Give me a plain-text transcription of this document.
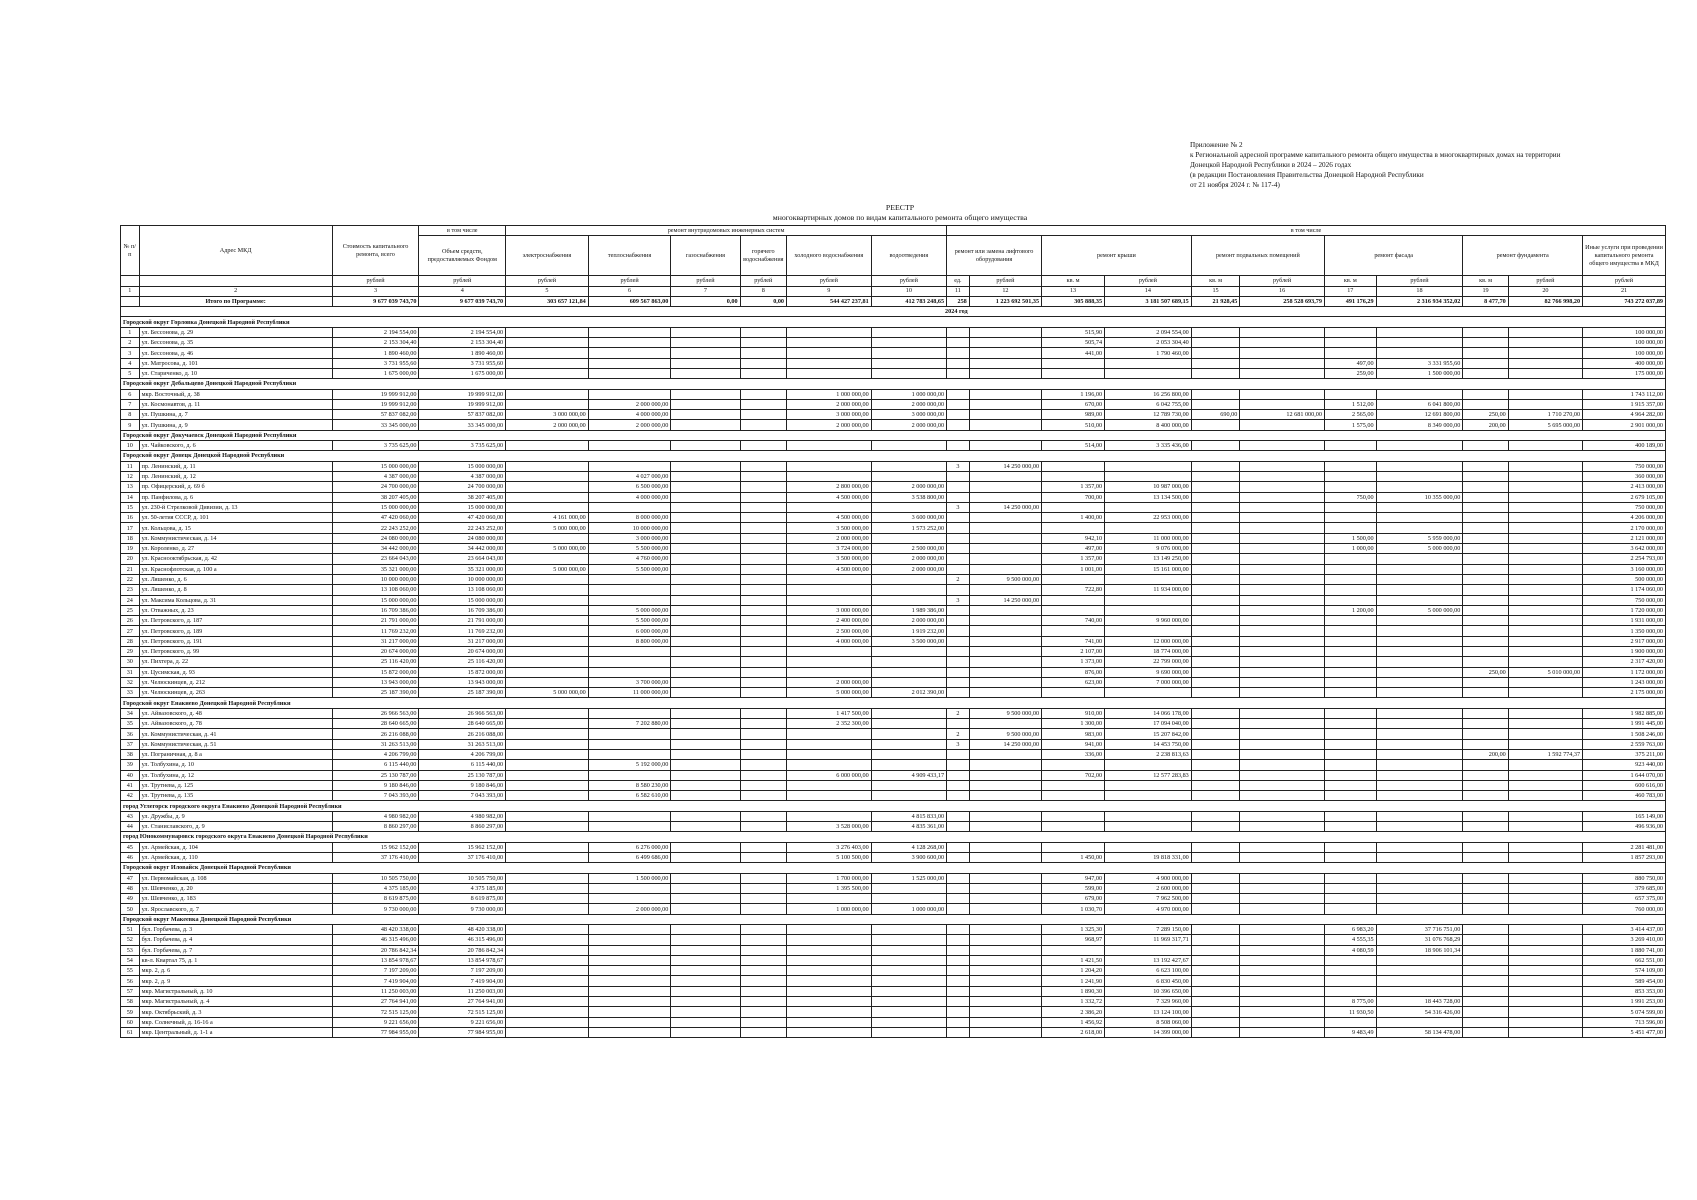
Приложение № 2
к Региональной адресной программе капитального ремонта общего имущества в многоквартирных домах на территории
Донецкой Народной Республики в 2024 – 2026 годах
(в редакции Постановления Правительства Донецкой Народной Республики
от 21 ноября 2024 г. № 117-4)
РЕЕСТР
многоквартирных домов по видам капитального ремонта общего имущества
№ п/п	Адрес МКД	Стоимость капитального ремонта, всего	в том числе	ремонт внутридомовых инженерных систем						в том числе										
			Объем средств, предоставляемых Фондом	электроснабжения	теплоснабжения	газоснабжения	горячего водоснабжения	холодного водоснабжения	водоотведения	ремонт или замена лифтового оборудования		ремонт крыши		ремонт подвальных помещений		ремонт фасада		ремонт фундамента		Иные услуги при проведении капитального ремонта общего имущества в МКД

		рублей	рублей	рублей	рублей	рублей	рублей	рублей	рублей	ед.	рублей	кв. м	рублей	кв. м	рублей	кв. м	рублей	кв. м	рублей	рублей
1	2	3	4	5	6	7	8	9	10	11	12	13	14	15	16	17	18	19	20	21
	Итого по Программе:	9 677 039 743,70	9 677 039 743,70	303 657 121,84	609 567 863,00	0,00	0,00	544 427 237,81	412 783 248,65	258	1 223 692 501,35	305 888,35	3 181 507 689,15	21 928,45	258 528 693,79	491 176,29	2 316 934 352,02	8 477,70	82 766 998,20	743 272 037,89
									2024 год											
Городской округ Горловка Донецкой Народной Республики																				
1	ул. Бессонова, д. 29	2 194 554,00	2 194 554,00									515,90	2 094 554,00							100 000,00
2	ул. Бессонова, д. 35	2 153 304,40	2 153 304,40									505,74	2 053 304,40							100 000,00
3	ул. Бессонова, д. 46	1 890 460,00	1 890 460,00									441,00	1 790 460,00							100 000,00
4	ул. Матросова, д. 101	3 731 955,60	3 731 955,60													497,00	3 331 955,60			400 000,00
5	ул. Стариченко, д. 10	1 675 000,00	1 675 000,00													259,00	1 500 000,00			175 000,00
Городской округ Дебальцево Донецкой Народной Республики																				
6	мкр. Восточный, д. 38	19 999 912,00	19 999 912,00					1 000 000,00	1 000 000,00			1 196,00	16 256 800,00							1 743 112,00
7	ул. Космонавтов, д. 11	19 999 912,00	19 999 912,00		2 000 000,00			2 000 000,00	2 000 000,00			670,00	6 042 755,00			1 512,00	6 041 800,00			1 915 357,00
8	ул. Пушкина, д. 7	57 837 082,00	57 837 082,00	3 000 000,00	4 000 000,00			3 000 000,00	3 000 000,00			989,00	12 789 730,00	690,00	12 681 000,00	2 565,00	12 691 800,00	250,00	1 710 270,00	4 964 282,00
9	ул. Пушкина, д. 9	33 345 000,00	33 345 000,00	2 000 000,00	2 000 000,00			2 000 000,00	2 000 000,00			510,00	8 400 000,00			1 575,00	8 349 000,00	200,00	5 695 000,00	2 901 000,00
Городской округ Докучаевск Донецкой Народной Республики																				
10	ул. Чайковского, д. 6	3 735 625,00	3 735 625,00									514,00	3 335 436,00							400 189,00
Городской округ Донецк Донецкой Народной Республики																				
11	пр. Ленинский, д. 11	15 000 000,00	15 000 000,00							3	14 250 000,00									750 000,00
12	пр. Ленинский, д. 12	4 387 000,00	4 387 000,00		4 027 000,00															360 000,00
13	пр. Офицерский, д. 69 б	24 700 000,00	24 700 000,00		6 500 000,00			2 800 000,00	2 000 000,00			1 357,00	10 987 000,00							2 413 000,00
14	пр. Панфилова, д. 6	38 207 405,00	38 207 405,00		4 000 000,00			4 500 000,00	3 538 800,00			700,00	13 134 500,00			750,00	10 355 000,00			2 679 105,00
15	ул. 230-й Стрелковой Дивизии, д. 13	15 000 000,00	15 000 000,00							3	14 250 000,00									750 000,00
16	ул. 50-летия СССР, д. 101	47 420 060,00	47 420 060,00	4 161 000,00	8 000 000,00			4 500 000,00	3 600 000,00			1 400,00	22 953 000,00							4 206 000,00
17	ул. Кольцова, д. 15	22 243 252,00	22 243 252,00	5 000 000,00	10 000 000,00			3 500 000,00	1 573 252,00											2 170 000,00
18	ул. Коммунистическая, д. 14	24 080 000,00	24 080 000,00		3 000 000,00			2 000 000,00				942,10	11 000 000,00			1 500,00	5 959 000,00			2 121 000,00
19	ул. Короленко, д. 27	34 442 000,00	34 442 000,00	5 000 000,00	5 500 000,00			3 724 000,00	2 500 000,00			497,00	9 076 000,00			1 000,00	5 000 000,00			3 642 000,00
20	ул. Краснооктябрьская, д. 42	23 664 043,00	23 664 043,00		4 760 000,00			3 500 000,00	2 000 000,00			1 357,00	13 149 250,00							2 254 793,00
21	ул. Краснофлотская, д. 100 а	35 321 000,00	35 321 000,00	5 000 000,00	5 500 000,00			4 500 000,00	2 000 000,00			1 001,00	15 161 000,00							3 160 000,00
22	ул. Ляшенко, д. 6	10 000 000,00	10 000 000,00							2	9 500 000,00									500 000,00
23	ул. Ляшенко, д. 8	13 108 060,00	13 108 060,00									722,80	11 934 000,00							1 174 060,00
24	ул. Максима Кольцова, д. 31	15 000 000,00	15 000 000,00							3	14 250 000,00									750 000,00
25	ул. Отважных, д. 23	16 709 386,00	16 709 386,00		5 000 000,00			3 000 000,00	1 989 386,00							1 200,00	5 000 000,00			1 720 000,00
26	ул. Петровского, д. 187	21 791 000,00	21 791 000,00		5 500 000,00			2 400 000,00	2 000 000,00			740,00	9 960 000,00							1 931 000,00
27	ул. Петровского, д. 189	11 769 232,00	11 769 232,00		6 000 000,00			2 500 000,00	1 919 232,00											1 350 000,00
28	ул. Петровского, д. 191	31 217 000,00	31 217 000,00		8 800 000,00			4 000 000,00	3 500 000,00			741,00	12 000 000,00							2 917 000,00
29	ул. Петровского, д. 99	20 674 000,00	20 674 000,00									2 107,00	18 774 000,00							1 900 000,00
30	ул. Пихтера, д. 22	25 116 420,00	25 116 420,00									1 373,00	22 799 000,00							2 317 420,00
31	ул. Цусимская, д. 93	15 872 000,00	15 872 000,00									876,00	9 690 000,00					250,00	5 010 000,00	1 172 000,00
32	ул. Челюскинцев, д. 212	13 943 000,00	13 943 000,00		3 700 000,00			2 000 000,00				623,00	7 000 000,00							1 243 000,00
33	ул. Челюскинцев, д. 263	25 187 390,00	25 187 390,00	5 000 000,00	11 000 000,00			5 000 000,00	2 012 390,00											2 175 000,00
Городской округ Енакиево Донецкой Народной Республики																				
34	ул. Айвазовского, д. 48	26 966 563,00	26 966 563,00					1 417 500,00		2	9 500 000,00	910,00	14 066 178,00							1 982 885,00
35	ул. Айвазовского, д. 78	28 640 665,00	28 640 665,00		7 202 880,00			2 352 300,00				1 300,00	17 094 040,00							1 991 445,00
36	ул. Коммунистическая, д. 41	26 216 088,00	26 216 088,00							2	9 500 000,00	983,00	15 207 842,00							1 508 246,00
37	ул. Коммунистическая, д. 51	31 263 513,00	31 263 513,00							3	14 250 000,00	941,00	14 453 750,00							2 559 763,00
38	ул. Пограничная, д. 8 а	4 206 799,00	4 206 799,00									336,00	2 238 813,63					200,00	1 592 774,37	375 211,00
39	ул. Толбухина, д. 10	6 115 440,00	6 115 440,00		5 192 000,00															923 440,00
40	ул. Толбухина, д. 12	25 130 787,00	25 130 787,00					6 000 000,00	4 909 433,17			702,00	12 577 283,83							1 644 070,00
41	ул. Трутнева, д. 125	9 180 846,00	9 180 846,00		8 580 230,00															600 616,00
42	ул. Трутнева, д. 135	7 043 393,00	7 043 393,00		6 582 610,00															460 783,00
город Углегорск городского округа Енакиево Донецкой Народной Республики																				
43	ул. Дружбы, д. 9	4 980 982,00	4 980 982,00						4 815 833,00											165 149,00
44	ул. Станиславского, д. 9	8 860 297,00	8 860 297,00					3 528 000,00	4 835 361,00											496 936,00
город Юнокоммунаровск городского округа Енакиево Донецкой Народной Республики																				
45	ул. Армейская, д. 104	15 962 152,00	15 962 152,00		6 276 000,00			3 276 403,00	4 128 268,00											2 281 481,00
46	ул. Армейская, д. 110	37 176 410,00	37 176 410,00		6 499 686,00			5 100 500,00	3 900 600,00			1 450,00	19 818 331,00							1 857 293,00
Городской округ Иловайск Донецкой Народной Республики																				
47	ул. Первомайская, д. 108	10 505 750,00	10 505 750,00		1 500 000,00			1 700 000,00	1 525 000,00			947,00	4 900 000,00							880 750,00
48	ул. Шевченко, д. 20	4 375 185,00	4 375 185,00					1 395 500,00				599,00	2 600 000,00							379 685,00
49	ул. Шевченко, д. 183	8 619 875,00	8 619 875,00									679,00	7 962 500,00							657 375,00
50	ул. Ярославского, д. 7	9 730 000,00	9 730 000,00		2 000 000,00			1 000 000,00	1 000 000,00			1 030,70	4 970 000,00							760 000,00
Городской округ Макеевка Донецкой Народной Республики																				
51	бул. Горбачева, д. 3	48 420 338,00	48 420 338,00									1 325,30	7 289 150,00			6 983,20	37 716 751,00			3 414 437,00
52	бул. Горбачева, д. 4	46 315 496,00	46 315 496,00									968,97	11 969 317,71			4 555,35	31 076 768,29			3 269 410,00
53	бул. Горбачева, д. 7	20 786 842,34	20 786 842,34													4 080,59	18 906 101,34			1 880 741,00
54	кв-л. Квартал 75, д. 1	13 854 978,67	13 854 978,67									1 421,50	13 192 427,67							662 551,00
55	мкр. 2, д. 6	7 197 209,00	7 197 209,00									1 204,20	6 623 100,00							574 109,00
56	мкр. 2, д. 9	7 419 904,00	7 419 904,00									1 241,90	6 830 450,00							589 454,00
57	мкр. Магистральный, д. 10	11 250 003,00	11 250 003,00									1 890,30	10 396 650,00							853 353,00
58	мкр. Магистральный, д. 4	27 764 941,00	27 764 941,00									1 332,72	7 329 960,00			8 775,00	18 443 728,00			1 991 253,00
59	мкр. Октябрьский, д. 3	72 515 125,00	72 515 125,00									2 386,20	13 124 100,00			11 930,50	54 316 426,00			5 074 599,00
60	мкр. Солнечный, д. 16-16 а	9 221 656,00	9 221 656,00									1 456,92	8 508 060,00							713 596,00
61	мкр. Центральный, д. 1-1 а	77 984 955,00	77 984 955,00									2 618,00	14 399 000,00			9 483,49	58 134 478,00			5 451 477,00
